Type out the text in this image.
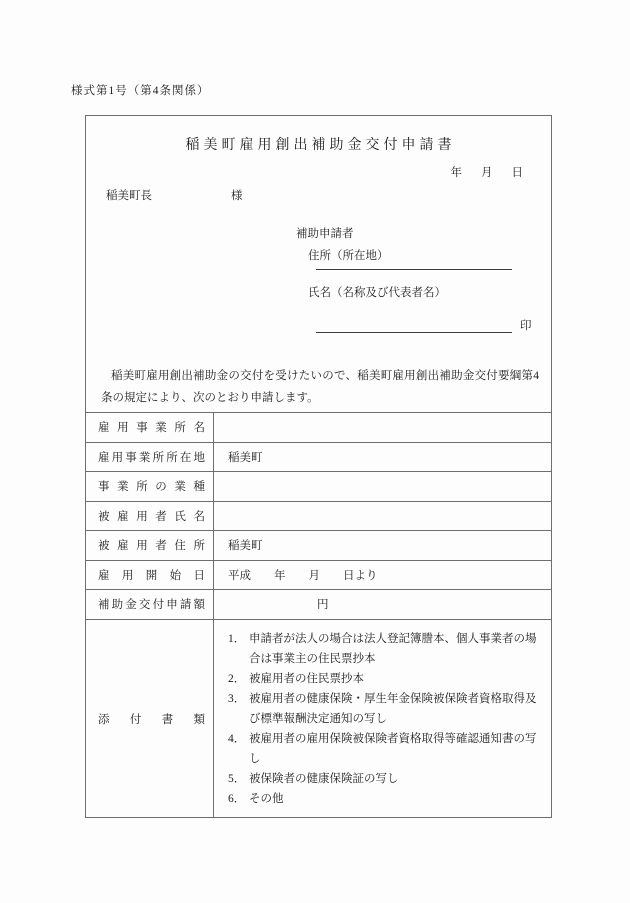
様式第1号（第4条関係）
稲美町雇用創出補助金交付申請書
年 月 日
稲美町長	様
補助申請者
住所（所在地）
氏名（名称及び代表者名）
印

稲美町雇用創出補助金の交付を受けたいので、稲美町雇用創出補助金交付要綱第4条の規定により、次のとおり申請します。

雇用事業所名
雇用事業所所在地 稲美町
事業所の業種
被雇用者氏名
被雇用者住所 稲美町
雇用開始日 平成　　年　　月　　日より
補助金交付申請額	円
添付書類
1． 申請者が法人の場合は法人登記簿謄本、個人事業者の場合は事業主の住民票抄本
2． 被雇用者の住民票抄本
3． 被雇用者の健康保険・厚生年金保険被保険者資格取得及び標準報酬決定通知の写し
4． 被雇用者の雇用保険被保険者資格取得等確認通知書の写し
5． 被保険者の健康保険証の写し
6． その他
